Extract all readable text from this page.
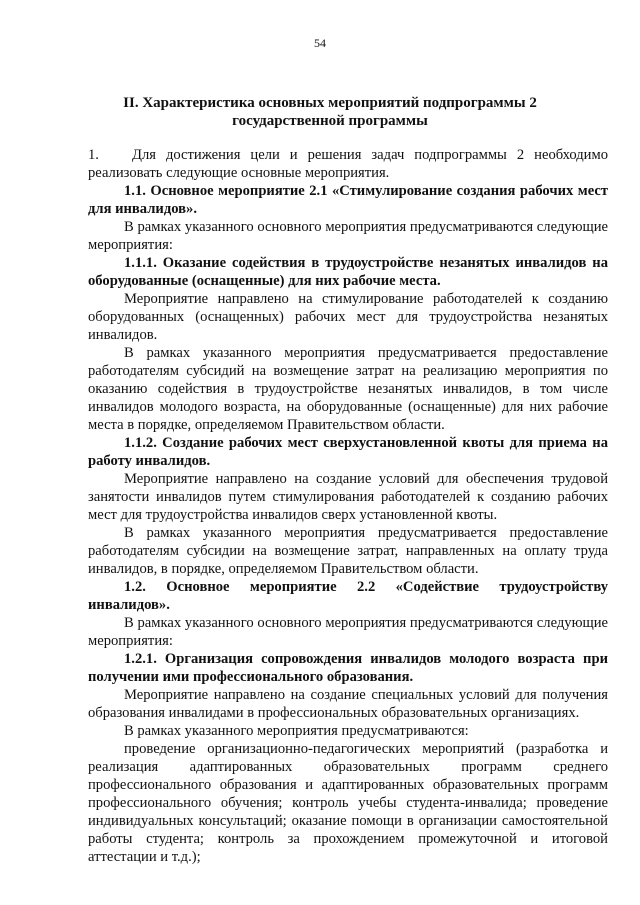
54
II. Характеристика основных мероприятий подпрограммы 2 государственной программы

1. Для достижения цели и решения задач подпрограммы 2 необходимо реализовать следующие основные мероприятия.

1.1. Основное мероприятие 2.1 «Стимулирование создания рабочих мест для инвалидов».

В рамках указанного основного мероприятия предусматриваются следующие мероприятия:

1.1.1. Оказание содействия в трудоустройстве незанятых инвалидов на оборудованные (оснащенные) для них рабочие места.

Мероприятие направлено на стимулирование работодателей к созданию оборудованных (оснащенных) рабочих мест для трудоустройства незанятых инвалидов.

В рамках указанного мероприятия предусматривается предоставление работодателям субсидий на возмещение затрат на реализацию мероприятия по оказанию содействия в трудоустройстве незанятых инвалидов, в том числе инвалидов молодого возраста, на оборудованные (оснащенные) для них рабочие места в порядке, определяемом Правительством области.

1.1.2. Создание рабочих мест сверхустановленной квоты для приема на работу инвалидов.

Мероприятие направлено на создание условий для обеспечения трудовой занятости инвалидов путем стимулирования работодателей к созданию рабочих мест для трудоустройства инвалидов сверх установленной квоты.

В рамках указанного мероприятия предусматривается предоставление работодателям субсидии на возмещение затрат, направленных на оплату труда инвалидов, в порядке, определяемом Правительством области.

1.2. Основное мероприятие 2.2 «Содействие трудоустройству инвалидов».

В рамках указанного основного мероприятия предусматриваются следующие мероприятия:

1.2.1. Организация сопровождения инвалидов молодого возраста при получении ими профессионального образования.

Мероприятие направлено на создание специальных условий для получения образования инвалидами в профессиональных образовательных организациях.

В рамках указанного мероприятия предусматриваются:

проведение организационно-педагогических мероприятий (разработка и реализация адаптированных образовательных программ среднего профессионального образования и адаптированных образовательных программ профессионального обучения; контроль учебы студента-инвалида; проведение индивидуальных консультаций; оказание помощи в организации самостоятельной работы студента; контроль за прохождением промежуточной и итоговой аттестации и т.д.);
